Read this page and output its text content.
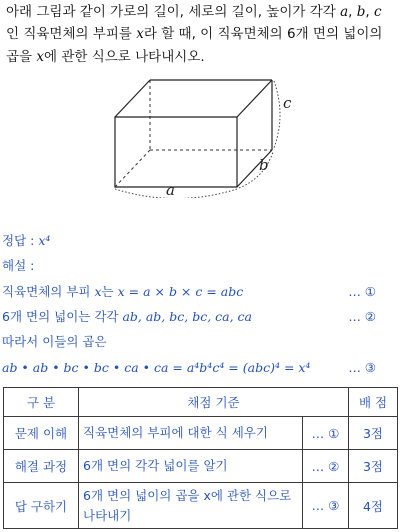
아래 그림과 같이 가로의 길이, 세로의 길이, 높이가 각각 a, b, c
인 직육면체의 부피를 x라 할 때, 이 직육면체의 6개 면의 넓이의
곱을 x에 관한 식으로 나타내시오.
a
b
c
정답 : x⁴
해설 :
직육면체의 부피 x는 x = a × b × c = abc	… ①
6개 면의 넓이는 각각 ab, ab, bc, bc, ca, ca	… ②
따라서 이들의 곱은
ab • ab • bc • bc • ca • ca = a⁴b⁴c⁴ = (abc)⁴ = x⁴	… ③
구 분	채점 기준		배 점
문제 이해	직육면체의 부피에 대한 식 세우기	… ①	3점
해결 과정	6개 면의 각각 넓이를 알기	… ②	3점
답 구하기	6개 면의 넓이의 곱을 x에 관한 식으로 나타내기	… ③	4점
